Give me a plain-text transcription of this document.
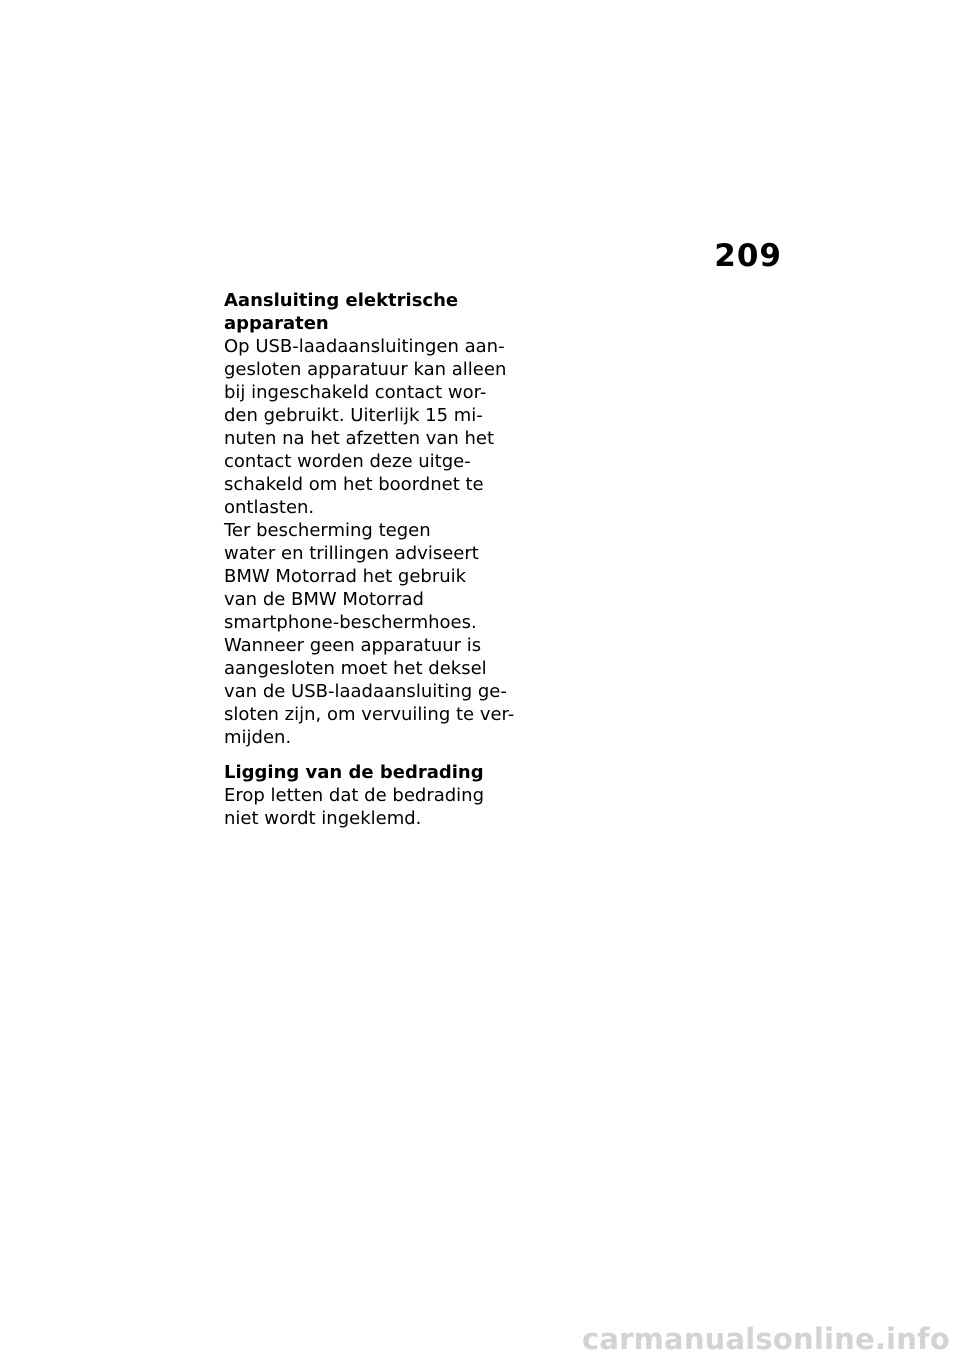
209
Aansluiting elektrische
apparaten
Op USB-laadaansluitingen aan-
gesloten apparatuur kan alleen
bij ingeschakeld contact wor-
den gebruikt. Uiterlijk 15 mi-
nuten na het afzetten van het
contact worden deze uitge-
schakeld om het boordnet te
ontlasten.
Ter bescherming tegen
water en trillingen adviseert
BMW Motorrad het gebruik
van de BMW Motorrad
smartphone-beschermhoes.
Wanneer geen apparatuur is
aangesloten moet het deksel
van de USB-laadaansluiting ge-
sloten zijn, om vervuiling te ver-
mijden.
Ligging van de bedrading
Erop letten dat de bedrading
niet wordt ingeklemd.
carmanualsonline.info
